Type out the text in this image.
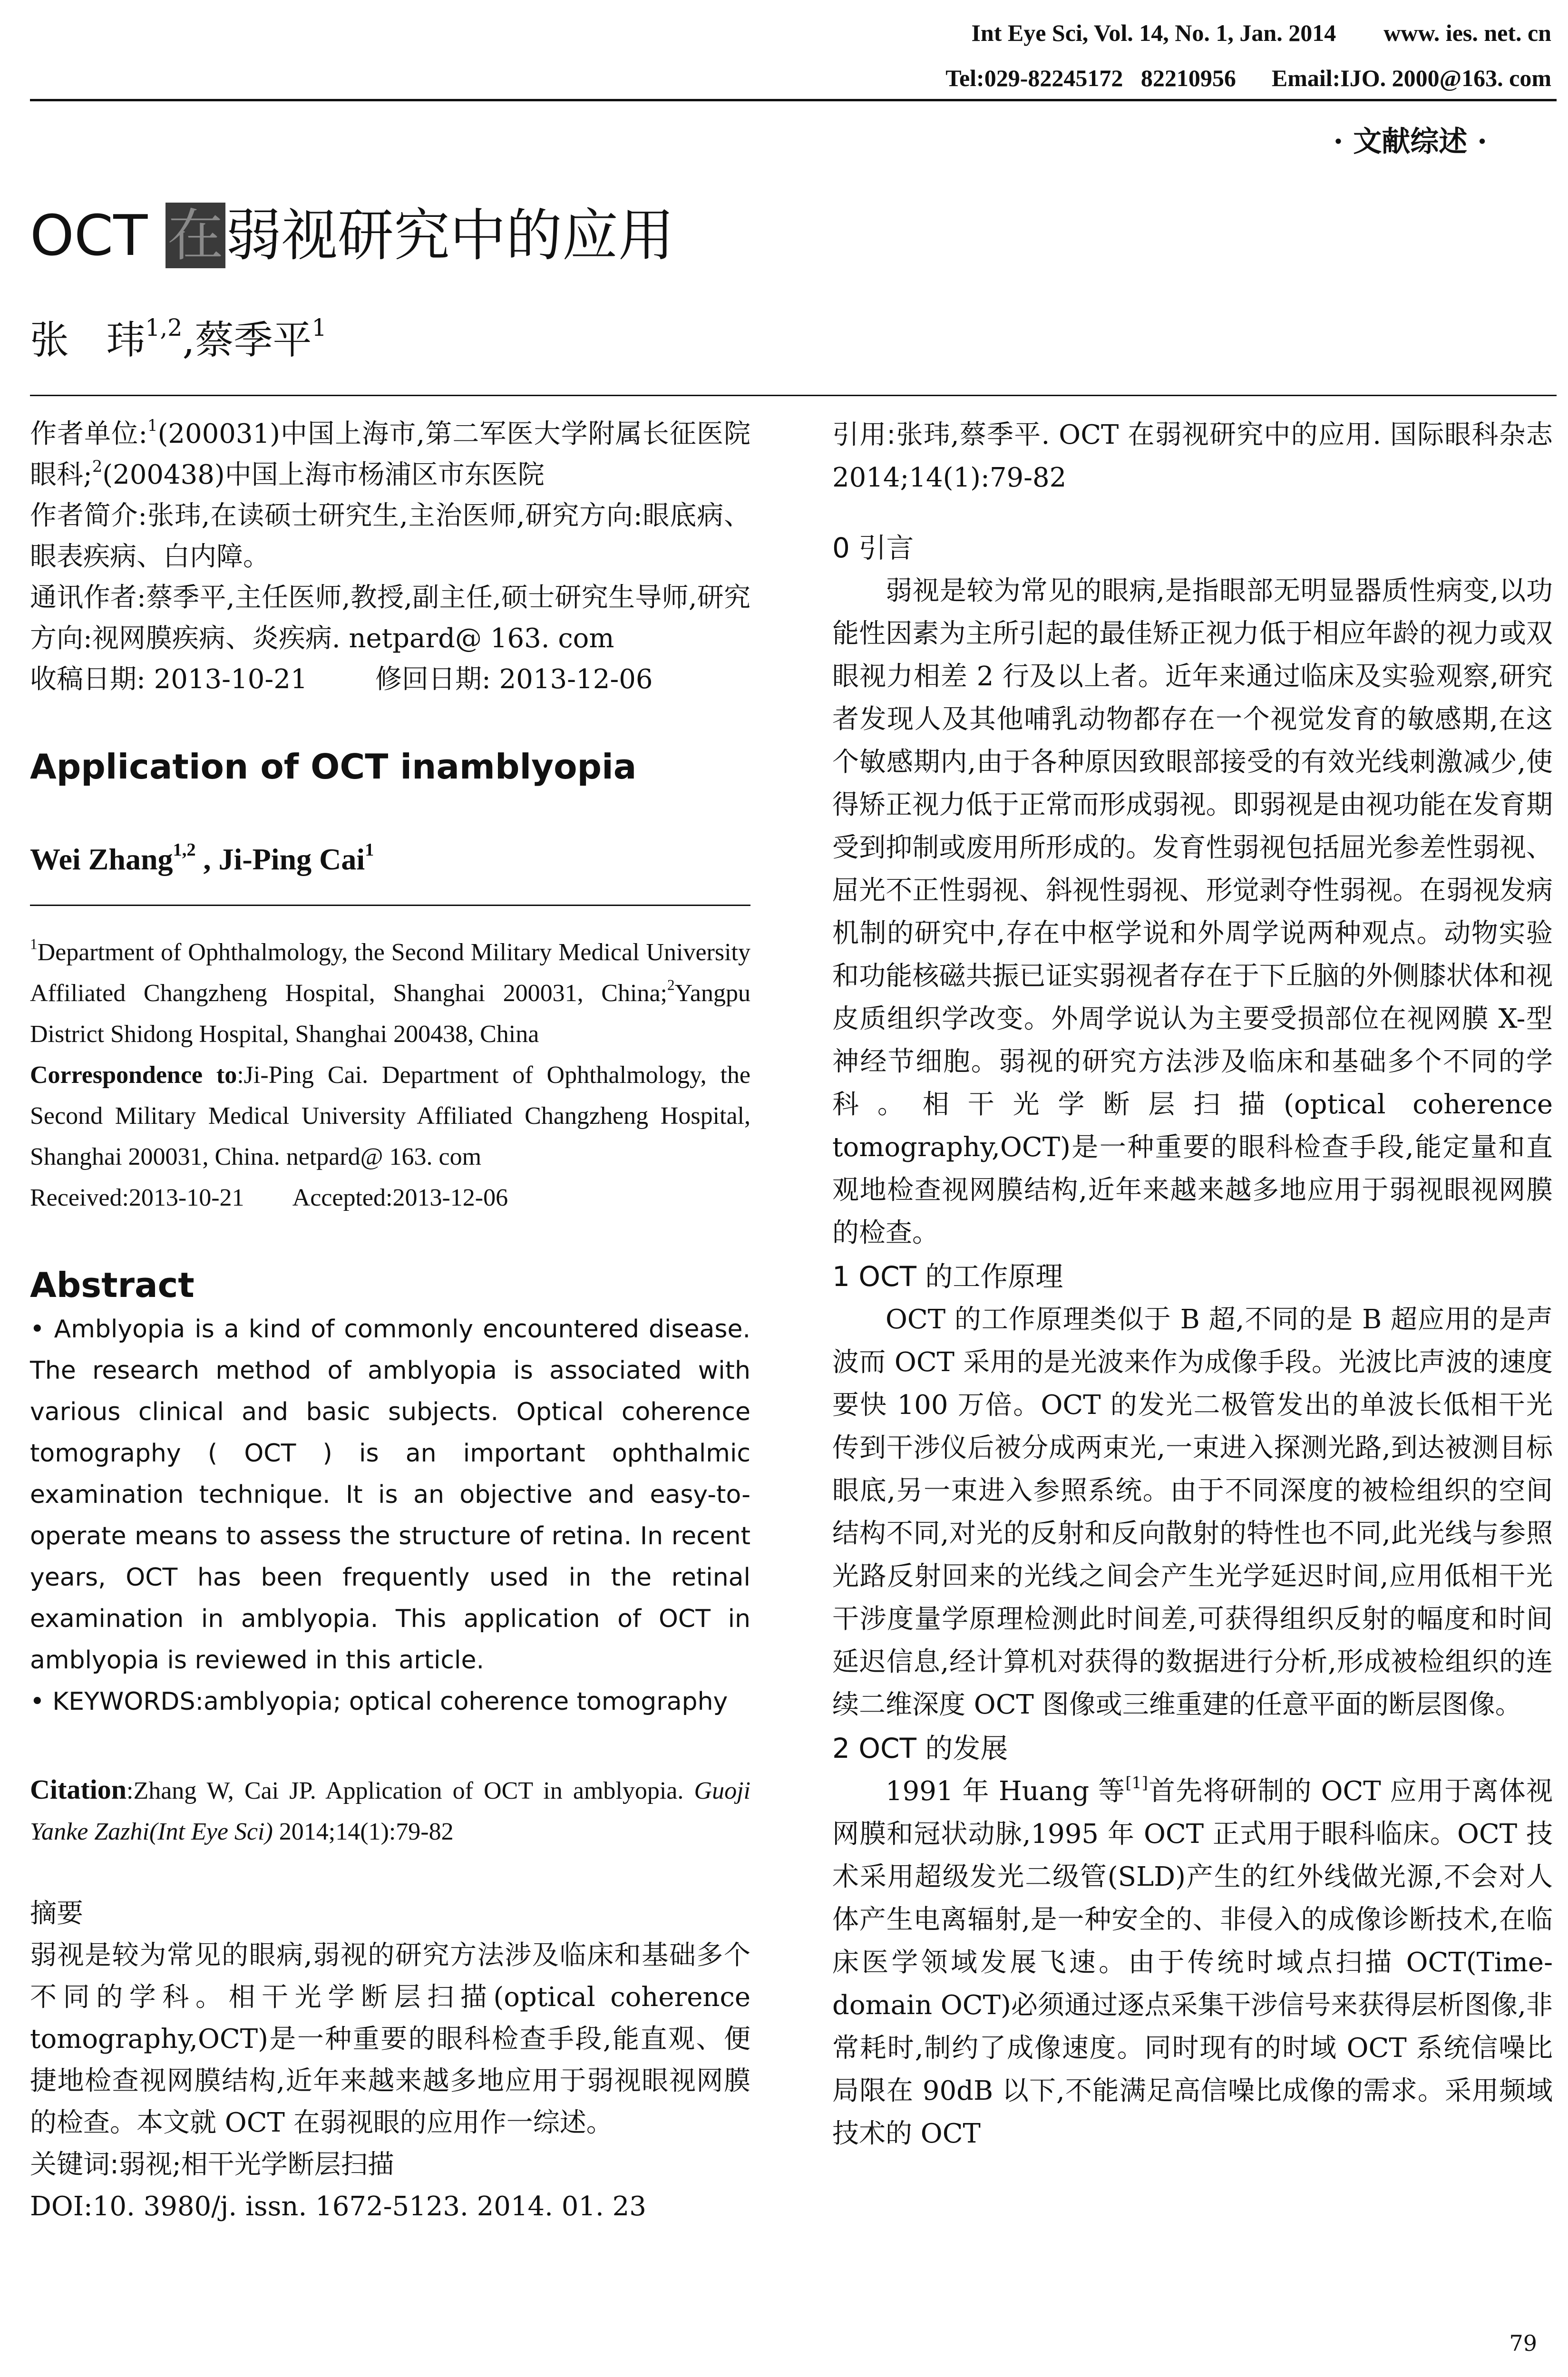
Int Eye Sci, Vol. 14, No. 1, Jan. 2014 www. ies. net. cn
Tel:029-82245172   82210956 Email:IJO. 2000@163. com
· 文献综述 ·
OCT 在弱视研究中的应用
张   玮$^{1,2}$,蔡季平$^1$

作者单位:$^1$(200031)中国上海市,第二军医大学附属长征医院眼科;$^2$(200438)中国上海市杨浦区市东医院

作者简介:张玮,在读硕士研究生,主治医师,研究方向:眼底病、眼表疾病、白内障。

通讯作者:蔡季平,主任医师,教授,副主任,硕士研究生导师,研究方向:视网膜疾病、炎疾病. netpard@ 163. com

收稿日期: 2013-10-21	修回日期: 2013-12-06

Application of OCT inamblyopia
Wei Zhang$^{1,2}$ , Ji-Ping Cai$^1$

$^1$Department of Ophthalmology, the Second Military Medical University Affiliated Changzheng Hospital, Shanghai 200031, China;$^2$Yangpu District Shidong Hospital, Shanghai 200438, China

Correspondence to:Ji-Ping Cai. Department of Ophthalmology, the Second Military Medical University Affiliated Changzheng Hospital, Shanghai 200031, China. netpard@ 163. com

Received:2013-10-21 Accepted:2013-12-06

Abstract

• Amblyopia is a kind of commonly encountered disease. The research method of amblyopia is associated with various clinical and basic subjects. Optical coherence tomography ( OCT ) is an important ophthalmic examination technique. It is an objective and easy-to-operate means to assess the structure of retina. In recent years, OCT has been frequently used in the retinal examination in amblyopia. This application of OCT in amblyopia is reviewed in this article.

• KEYWORDS:amblyopia; optical coherence tomography

Citation:Zhang W, Cai JP. Application of OCT in amblyopia. Guoji Yanke Zazhi(Int Eye Sci) 2014;14(1):79-82

摘要

弱视是较为常见的眼病,弱视的研究方法涉及临床和基础多个不同的学科。相干光学断层扫描(optical coherence tomography,OCT)是一种重要的眼科检查手段,能直观、便捷地检查视网膜结构,近年来越来越多地应用于弱视眼视网膜的检查。本文就 OCT 在弱视眼的应用作一综述。

关键词:弱视;相干光学断层扫描

DOI:10. 3980/j. issn. 1672-5123. 2014. 01. 23

引用:张玮,蔡季平. OCT 在弱视研究中的应用. 国际眼科杂志 2014;14(1):79-82

0 引言

弱视是较为常见的眼病,是指眼部无明显器质性病变,以功能性因素为主所引起的最佳矫正视力低于相应年龄的视力或双眼视力相差 2 行及以上者。近年来通过临床及实验观察,研究者发现人及其他哺乳动物都存在一个视觉发育的敏感期,在这个敏感期内,由于各种原因致眼部接受的有效光线刺激减少,使得矫正视力低于正常而形成弱视。即弱视是由视功能在发育期受到抑制或废用所形成的。发育性弱视包括屈光参差性弱视、屈光不正性弱视、斜视性弱视、形觉剥夺性弱视。在弱视发病机制的研究中,存在中枢学说和外周学说两种观点。动物实验和功能核磁共振已证实弱视者存在于下丘脑的外侧膝状体和视皮质组织学改变。外周学说认为主要受损部位在视网膜 X-型神经节细胞。弱视的研究方法涉及临床和基础多个不同的学科。相干光学断层扫描(optical coherence tomography,OCT)是一种重要的眼科检查手段,能定量和直观地检查视网膜结构,近年来越来越多地应用于弱视眼视网膜的检查。

1 OCT 的工作原理

OCT 的工作原理类似于 B 超,不同的是 B 超应用的是声波而 OCT 采用的是光波来作为成像手段。光波比声波的速度要快 100 万倍。OCT 的发光二极管发出的单波长低相干光传到干涉仪后被分成两束光,一束进入探测光路,到达被测目标眼底,另一束进入参照系统。由于不同深度的被检组织的空间结构不同,对光的反射和反向散射的特性也不同,此光线与参照光路反射回来的光线之间会产生光学延迟时间,应用低相干光干涉度量学原理检测此时间差,可获得组织反射的幅度和时间延迟信息,经计算机对获得的数据进行分析,形成被检组织的连续二维深度 OCT 图像或三维重建的任意平面的断层图像。

2 OCT 的发展

1991 年 Huang 等[1]首先将研制的 OCT 应用于离体视网膜和冠状动脉,1995 年 OCT 正式用于眼科临床。OCT 技术采用超级发光二级管(SLD)产生的红外线做光源,不会对人体产生电离辐射,是一种安全的、非侵入的成像诊断技术,在临床医学领域发展飞速。由于传统时域点扫描 OCT(Time-domain OCT)必须通过逐点采集干涉信号来获得层析图像,非常耗时,制约了成像速度。同时现有的时域 OCT 系统信噪比局限在 90dB 以下,不能满足高信噪比成像的需求。采用频域技术的 OCT

79
